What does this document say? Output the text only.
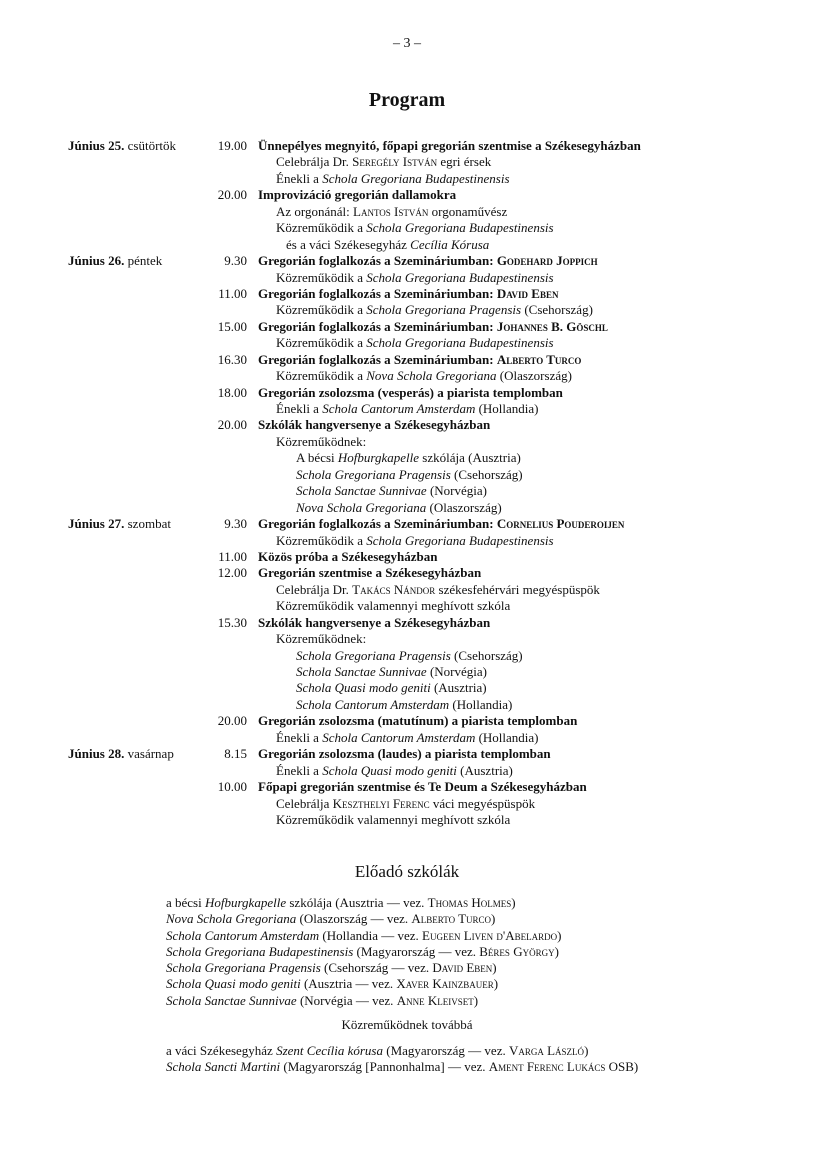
– 3 –
Program
Június 25. csütörtök	19.00 Ünnepélyes megnyitó, főpapi gregorián szentmise a Székesegyházban
Celebrálja Dr. Seregély István egri érsek
Énekli a Schola Gregoriana Budapestinensis
20.00 Improvizáció gregorián dallamokra
Az orgonánál: Lantos István orgonaművész
Közreműködik a Schola Gregoriana Budapestinensis
és a váci Székesegyház Cecília Kórusa
Június 26. péntek	9.30 Gregorián foglalkozás a Szemináriumban: Godehard Joppich
Közreműködik a Schola Gregoriana Budapestinensis
11.00 Gregorián foglalkozás a Szemináriumban: David Eben
Közreműködik a Schola Gregoriana Pragensis (Csehország)
15.00 Gregorián foglalkozás a Szemináriumban: Johannes B. Göschl
Közreműködik a Schola Gregoriana Budapestinensis
16.30 Gregorián foglalkozás a Szemináriumban: Alberto Turco
Közreműködik a Nova Schola Gregoriana (Olaszország)
18.00 Gregorián zsolozsma (vesperás) a piarista templomban
Énekli a Schola Cantorum Amsterdam (Hollandia)
20.00 Szkólák hangversenye a Székesegyházban
Közreműködnek:
A bécsi Hofburgkapelle szkólája (Ausztria)
Schola Gregoriana Pragensis (Csehország)
Schola Sanctae Sunnivae (Norvégia)
Nova Schola Gregoriana (Olaszország)
Június 27. szombat	9.30 Gregorián foglalkozás a Szemináriumban: Cornelius Pouderoijen
Közreműködik a Schola Gregoriana Budapestinensis
11.00 Közös próba a Székesegyházban
12.00 Gregorián szentmise a Székesegyházban
Celebrálja Dr. Takács Nándor székesfehérvári megyéspüspök
Közreműködik valamennyi meghívott szkóla
15.30 Szkólák hangversenye a Székesegyházban
Közreműködnek:
Schola Gregoriana Pragensis (Csehország)
Schola Sanctae Sunnivae (Norvégia)
Schola Quasi modo geniti (Ausztria)
Schola Cantorum Amsterdam (Hollandia)
20.00 Gregorián zsolozsma (matutínum) a piarista templomban
Énekli a Schola Cantorum Amsterdam (Hollandia)
Június 28. vasárnap	8.15 Gregorián zsolozsma (laudes) a piarista templomban
Énekli a Schola Quasi modo geniti (Ausztria)
10.00 Főpapi gregorián szentmise és Te Deum a Székesegyházban
Celebrálja Keszthelyi Ferenc váci megyéspüspök
Közreműködik valamennyi meghívott szkóla
Előadó szkólák
a bécsi Hofburgkapelle szkólája (Ausztria — vez. Thomas Holmes)
Nova Schola Gregoriana (Olaszország — vez. Alberto Turco)
Schola Cantorum Amsterdam (Hollandia — vez. Eugeen Liven d'Abelardo)
Schola Gregoriana Budapestinensis (Magyarország — vez. Béres György)
Schola Gregoriana Pragensis (Csehország — vez. David Eben)
Schola Quasi modo geniti (Ausztria — vez. Xaver Kainzbauer)
Schola Sanctae Sunnivae (Norvégia — vez. Anne Kleivset)
Közreműködnek továbbá
a váci Székesegyház Szent Cecília kórusa (Magyarország — vez. Varga László)
Schola Sancti Martini (Magyarország [Pannonhalma] — vez. Ament Ferenc Lukács OSB)
